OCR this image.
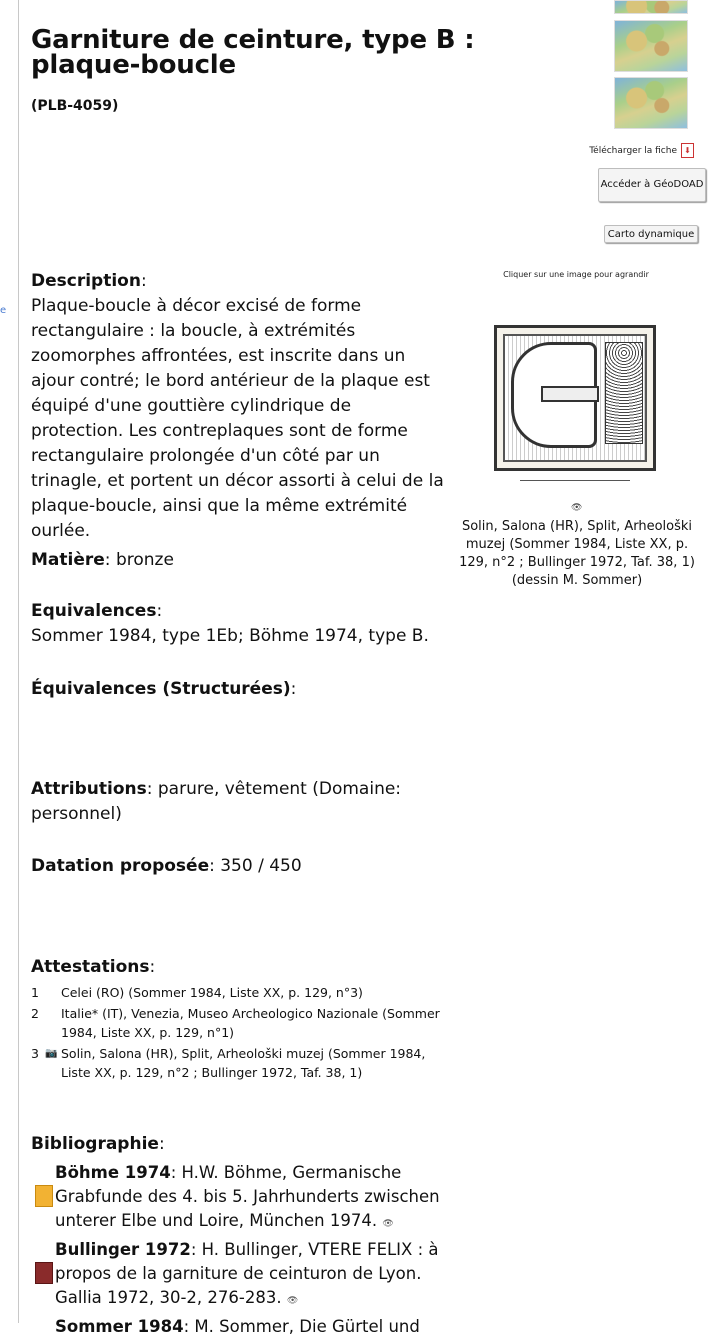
e
Garniture de ceinture, type B : plaque-boucle
(PLB-4059)
Télécharger la fiche ⬇
Accéder à GéoDOAD
Carto dynamique
Cliquer sur une image pour agrandir
👁
Solin, Salona (HR), Split, Arheološki muzej (Sommer 1984, Liste XX, p. 129, n°2 ; Bullinger 1972, Taf. 38, 1) (dessin M. Sommer)
Description:
Plaque-boucle à décor excisé de forme rectangulaire : la boucle, à extrémités zoomorphes affrontées, est inscrite dans un ajour contré; le bord antérieur de la plaque est équipé d'une gouttière cylindrique de protection. Les contreplaques sont de forme rectangulaire prolongée d'un côté par un trinagle, et portent un décor assorti à celui de la plaque-boucle, ainsi que la même extrémité ourlée.
Matière: bronze
Equivalences:
Sommer 1984, type 1Eb; Böhme 1974, type B.
Équivalences (Structurées):
Attributions: parure, vêtement (Domaine: personnel)
Datation proposée: 350 / 450
Attestations:
1	Celei (RO) (Sommer 1984, Liste XX, p. 129, n°3)
2	Italie* (IT), Venezia, Museo Archeologico Nazionale (Sommer 1984, Liste XX, p. 129, n°1)
3 📷 Solin, Salona (HR), Split, Arheološki muzej (Sommer 1984, Liste XX, p. 129, n°2 ; Bullinger 1972, Taf. 38, 1)
Bibliographie:
Böhme 1974: H.W. Böhme, Germanische Grabfunde des 4. bis 5. Jahrhunderts zwischen unterer Elbe und Loire, München 1974. 👁
Bullinger 1972: H. Bullinger, VTERE FELIX : à propos de la garniture de ceinturon de Lyon. Gallia 1972, 30-2, 276-283. 👁
Sommer 1984: M. Sommer, Die Gürtel und
